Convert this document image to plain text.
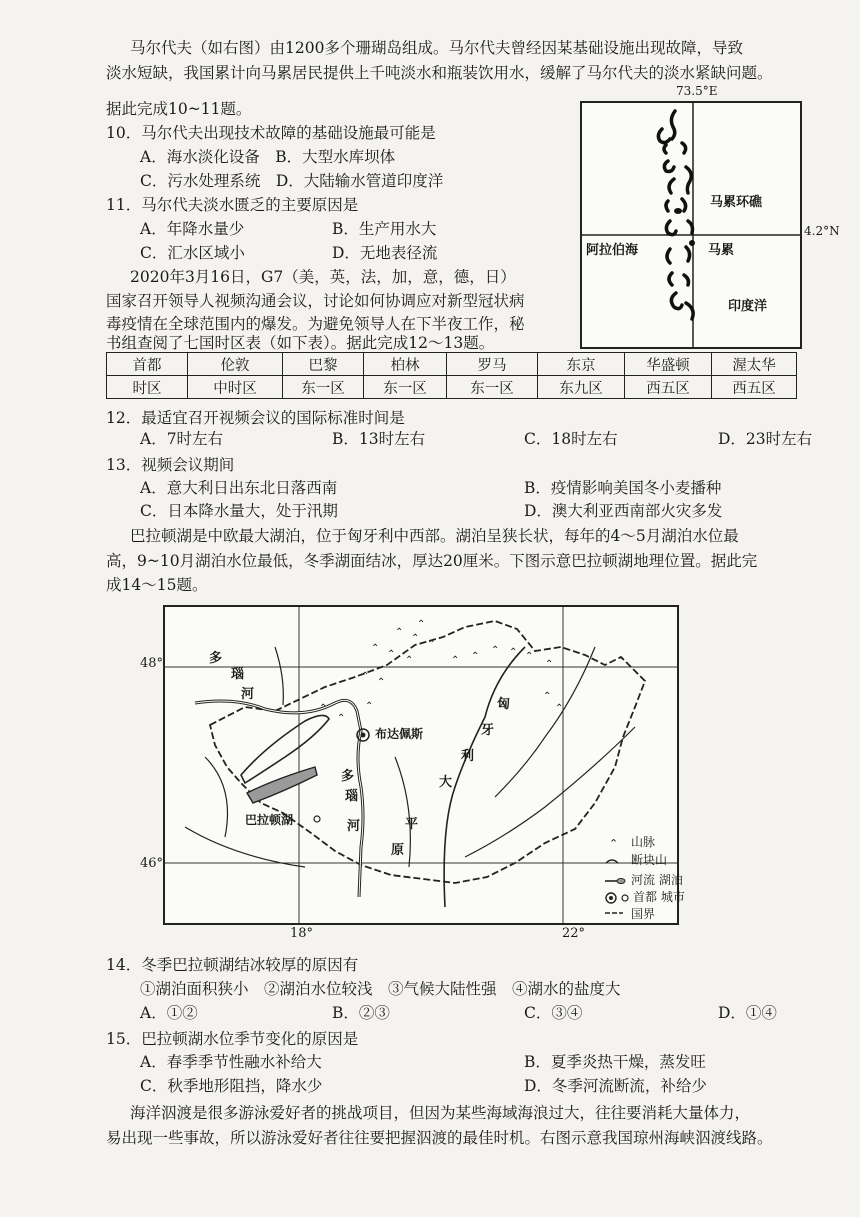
马尔代夫（如右图）由1200多个珊瑚岛组成。马尔代夫曾经因某基础设施出现故障，导致
淡水短缺，我国累计向马累居民提供上千吨淡水和瓶装饮用水，缓解了马尔代夫的淡水紧缺问题。
据此完成10~11题。
10．马尔代夫出现技术故障的基础设施最可能是
A．海水淡化设备　B．大型水库坝体
C．污水处理系统　D．大陆输水管道印度洋
11．马尔代夫淡水匮乏的主要原因是
A．年降水量少	B．生产用水大
C．汇水区域小	D．无地表径流
2020年3月16日，G7（美，英，法，加，意，德，日）
国家召开领导人视频沟通会议，讨论如何协调应对新型冠状病
毒疫情在全球范围内的爆发。为避免领导人在下半夜工作，秘
书组查阅了七国时区表（如下表）。据此完成12～13题。
73.5°E
马累环礁
阿拉伯海	马累
印度洋
4.2°N
首都	伦敦	巴黎	柏林	罗马	东京	华盛顿	渥太华
时区	中时区	东一区	东一区	东一区	东九区	西五区	西五区
12．最适宜召开视频会议的国际标准时间是
A．7时左右	B．13时左右	C．18时左右	D．23时左右
13．视频会议期间
A．意大利日出东北日落西南	B．疫情影响美国冬小麦播种
C．日本降水量大，处于汛期	D．澳大利亚西南部火灾多发
巴拉顿湖是中欧最大湖泊，位于匈牙利中西部。湖泊呈狭长状，每年的4～5月湖泊水位最
高，9~10月湖泊水位最低，冬季湖面结冰，厚达20厘米。下图示意巴拉顿湖地理位置。据此完
成14～15题。
48°
46°
18°	22°
⌃
⌃
⌃
⌃
⌃
⌃
⌃
⌃
⌃
⌃ ⌃
⌃ ⌃ ⌃
⌃
⌃
⌃
⌃
⌃
⌃
⌃
多
瑙
河
布达佩斯
巴拉顿湖
多
瑙
河
匈
牙
利
大
平
原
山脉
断块山
河流 湖泊
首都 城市
国界
14．冬季巴拉顿湖结冰较厚的原因有
①湖泊面积狭小　②湖泊水位较浅　③气候大陆性强　④湖水的盐度大
A．①②	B．②③	C．③④	D．①④
15．巴拉顿湖水位季节变化的原因是
A．春季季节性融水补给大	B．夏季炎热干燥，蒸发旺
C．秋季地形阻挡，降水少	D．冬季河流断流，补给少
海洋泅渡是很多游泳爱好者的挑战项目，但因为某些海域海浪过大，往往要消耗大量体力，
易出现一些事故，所以游泳爱好者往往要把握泅渡的最佳时机。右图示意我国琼州海峡泅渡线路。
